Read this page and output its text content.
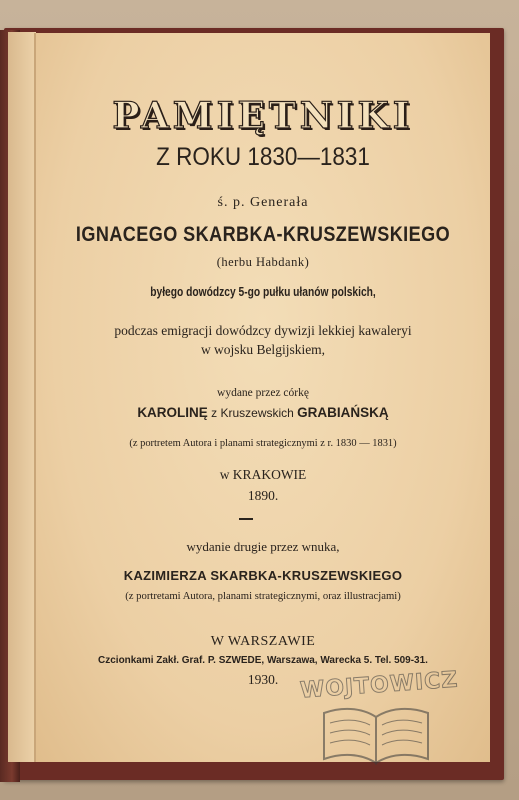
PAMIĘTNIKI
Z ROKU 1830—1831
ś. p. Generała
IGNACEGO SKARBKA-KRUSZEWSKIEGO
(herbu Habdank)
byłego dowódzcy 5-go pułku ułanów polskich,
podczas emigracji dowódzcy dywizji lekkiej kawaleryi
w wojsku Belgijskiem,
wydane przez córkę
KAROLINĘ z Kruszewskich GRABIAŃSKĄ
(z portretem Autora i planami strategicznymi z r. 1830 — 1831)
w KRAKOWIE
1890.
wydanie drugie przez wnuka,
KAZIMIERZA SKARBKA-KRUSZEWSKIEGO
(z portretami Autora, planami strategicznymi, oraz illustracjami)
W WARSZAWIE
Czcionkami Zakł. Graf. P. SZWEDE, Warszawa, Warecka 5. Tel. 509-31.
1930. WOJTOWICZ
